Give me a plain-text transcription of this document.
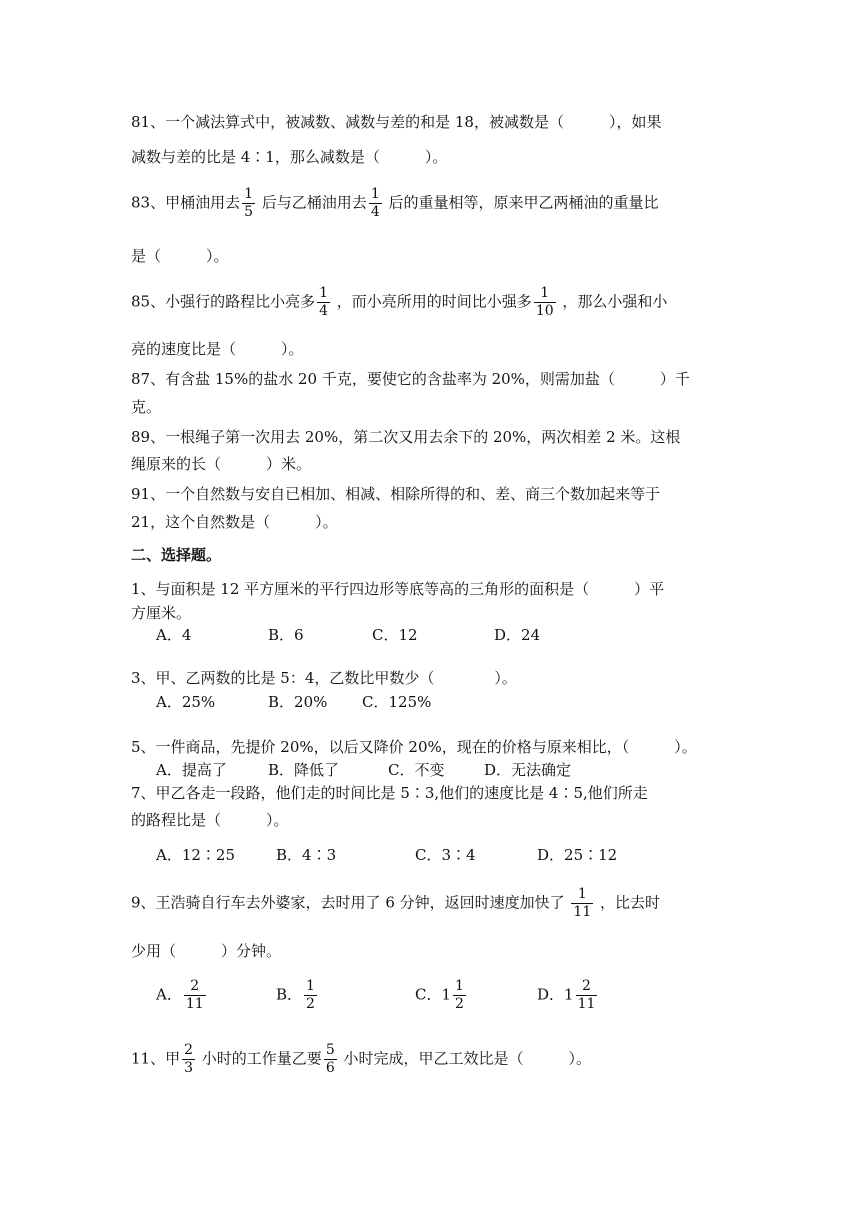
81、一个减法算式中，被减数、减数与差的和是 18，被减数是（　　　），如果
减数与差的比是 4∶1，那么减数是（　　　）。
83、甲桶油用去 $\frac{1}{5}$ 后与乙桶油用去 $\frac{1}{4}$ 后的重量相等，原来甲乙两桶油的重量比
是（　　　）。
85、小强行的路程比小亮多 $\frac{1}{4}$ ，而小亮所用的时间比小强多 $\frac{1}{10}$ ，那么小强和小
亮的速度比是（　　　）。
87、有含盐 15%的盐水 20 千克，要使它的含盐率为 20%，则需加盐（　　　）千
克。
89、一根绳子第一次用去 20%，第二次又用去余下的 20%，两次相差 2 米。这根
绳原来的长（　　　）米。
91、一个自然数与安自已相加、相减、相除所得的和、差、商三个数加起来等于
21，这个自然数是（　　　）。
二、选择题。
1、与面积是 12 平方厘米的平行四边形等底等高的三角形的面积是（　　　）平
方厘米。
A．4	B．6	C．12	D．24
3、甲、乙两数的比是 5：4，乙数比甲数少（　　　　）。
A．25%	B．20% C．125%
5、一件商品，先提价 20%，以后又降价 20%，现在的价格与原来相比，（　　　）。
A．提高了	B．降低了	C．不变	D．无法确定
7、甲乙各走一段路，他们走的时间比是 5∶3,他们的速度比是 4∶5,他们所走
的路程比是（　　　）。
A．12∶25	B．4∶3	C．3∶4	D．25∶12
9、王浩骑自行车去外婆家，去时用了 6 分钟，返回时速度加快了 $\frac{1}{11}$ ，比去时
少用（　　　）分钟。
A． $\frac{2}{11}$	B． $\frac{1}{2}$	C．$1 \frac{1}{2}$	D．$1 \frac{2}{11}$
11、甲 $\frac{2}{3}$ 小时的工作量乙要 $\frac{5}{6}$ 小时完成，甲乙工效比是（　　　）。
